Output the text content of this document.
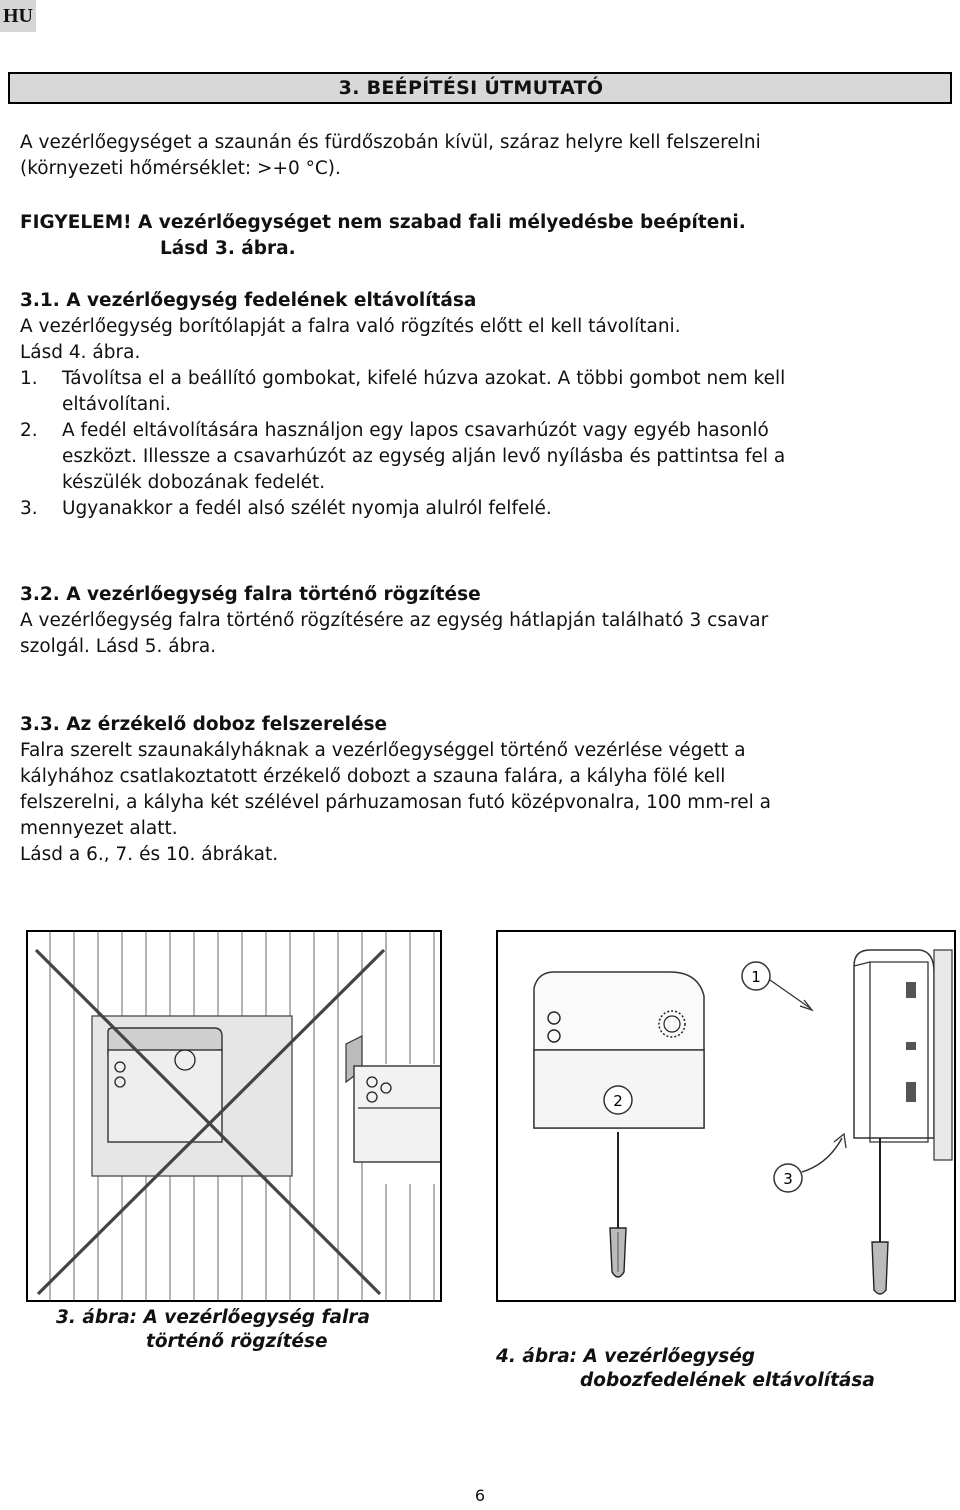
HU
3. BEÉPÍTÉSI ÚTMUTATÓ
A vezérlőegységet a szaunán és fürdőszobán kívül, száraz helyre kell felszerelni
(környezeti hőmérséklet: >+0 °C).
FIGYELEM! A vezérlőegységet nem szabad fali mélyedésbe beépíteni.
Lásd 3. ábra.
3.1. A vezérlőegység fedelének eltávolítása
A vezérlőegység borítólapját a falra való rögzítés előtt el kell távolítani.
Lásd 4. ábra.
1.	Távolítsa el a beállító gombokat, kifelé húzva azokat. A többi gombot nem kell
eltávolítani.
2.	A fedél eltávolítására használjon egy lapos csavarhúzót vagy egyéb hasonló
eszközt. Illessze a csavarhúzót az egység alján levő nyílásba és pattintsa fel a
készülék dobozának fedelét.
3.	Ugyanakkor a fedél alsó szélét nyomja alulról felfelé.
3.2. A vezérlőegység falra történő rögzítése
A vezérlőegység falra történő rögzítésére az egység hátlapján található 3 csavar
szolgál. Lásd 5. ábra.
3.3. Az érzékelő doboz felszerelése
Falra szerelt szaunakályháknak a vezérlőegységgel történő vezérlése végett a
kályhához csatlakoztatott érzékelő dobozt a szauna falára, a kályha fölé kell
felszerelni, a kályha két szélével párhuzamosan futó középvonalra, 100 mm-rel a
mennyezet alatt.
Lásd a 6., 7. és 10. ábrákat.
1
2
3
3. ábra: A vezérlőegység falra
történő rögzítése
4. ábra: A vezérlőegység
dobozfedelének eltávolítása
6
